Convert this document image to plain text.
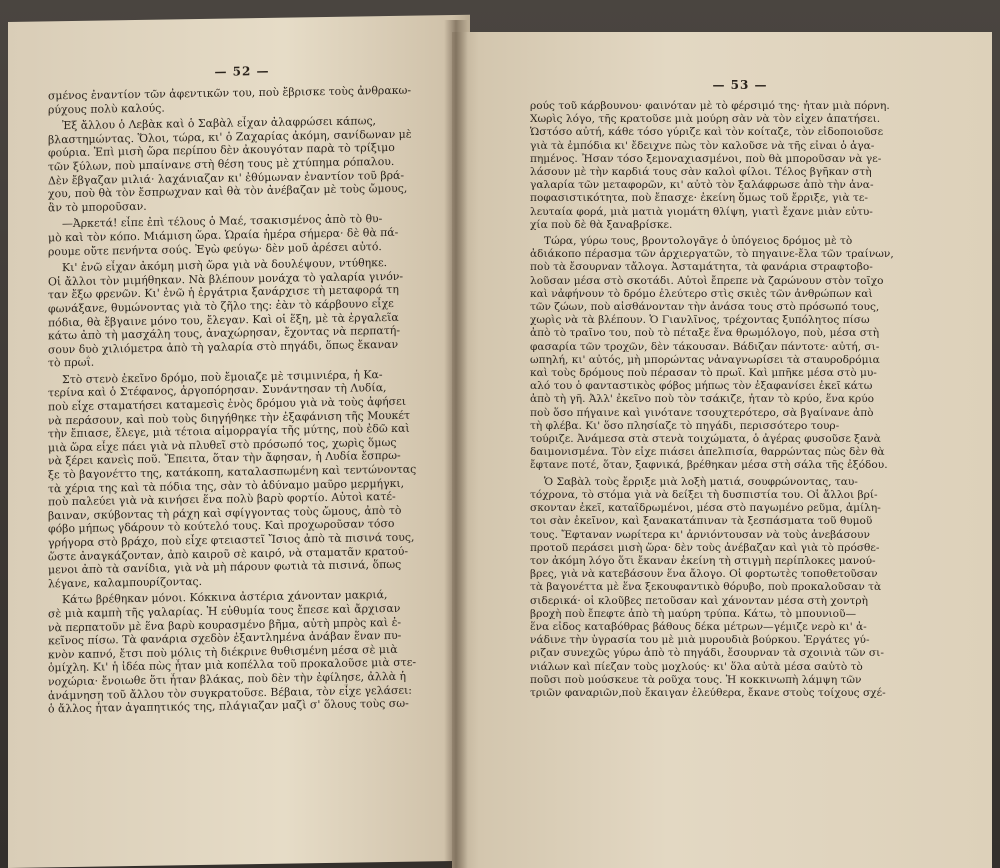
— 52 —
σμένος ἐναντίον τῶν ἀφεντικῶν του, ποὺ ἔβρισκε τοὺς ἀνθρακω-
ρύχους πολὺ καλούς.
Ἐξ ἄλλου ὁ Λεβὰκ καὶ ὁ Σαβὰλ εἶχαν ἀλαφρώσει κάπως,
βλαστημώντας. Ὅλοι, τώρα, κι' ὁ Ζαχαρίας ἀκόμη, σανίδωναν μὲ
φούρια. Ἐπὶ μισὴ ὥρα περίπου δὲν ἀκουγόταν παρὰ τὸ τρίξιμο
τῶν ξύλων, ποὺ μπαίνανε στὴ θέση τους μὲ χτύπημα ρόπαλου.
Δὲν ἔβγαζαν μιλιά· λαχάνιαζαν κι' ἐθύμωναν ἐναντίον τοῦ βρά-
χου, ποὺ θὰ τὸν ἔσπρωχναν καὶ θὰ τὸν ἀνέβαζαν μὲ τοὺς ὤμους,
ἂν τὸ μποροῦσαν.
—Ἀρκετά! εἶπε ἐπὶ τέλους ὁ Μαέ, τσακισμένος ἀπὸ τὸ θυ-
μὸ καὶ τὸν κόπο. Μιάμιση ὥρα. Ὡραία ἡμέρα σήμερα· δὲ θὰ πά-
ρουμε οὔτε πενήντα σούς. Ἐγὼ φεύγω· δὲν μοῦ ἀρέσει αὐτό.
Κι' ἐνῶ εἶχαν ἀκόμη μισὴ ὥρα γιὰ νὰ δουλέψουν, ντύθηκε.
Οἱ ἄλλοι τὸν μιμήθηκαν. Νὰ βλέπουν μονάχα τὸ γαλαρία γινόν-
ταν ἔξω φρενῶν. Κι' ἐνῶ ἡ ἐργάτρια ξανάρχισε τὴ μεταφορά τη
φωνάξανε, θυμώνοντας γιὰ τὸ ζῆλο της: ἐὰν τὸ κάρβουνο εἶχε
πόδια, θὰ ἔβγαινε μόνο του, ἔλεγαν. Καὶ οἱ ἕξη, μὲ τὰ ἐργαλεῖα
κάτω ἀπὸ τὴ μασχάλη τους, ἀναχώρησαν, ἔχοντας νὰ περπατή-
σουν δυὸ χιλιόμετρα ἀπὸ τὴ γαλαρία στὸ πηγάδι, ὅπως ἔκαναν
τὸ πρωΐ.
Στὸ στενὸ ἐκεῖνο δρόμο, ποὺ ἔμοιαζε μὲ τσιμινιέρα, ἡ Κα-
τερίνα καὶ ὁ Στέφανος, ἀργοπόρησαν. Συνάντησαν τὴ Λυδία,
ποὺ εἶχε σταματήσει καταμεσὶς ἑνὸς δρόμου γιὰ νὰ τοὺς ἀφήσει
νὰ περάσουν, καὶ ποὺ τοὺς διηγήθηκε τὴν ἐξαφάνιση τῆς Μουκέτ
τὴν ἔπιασε, ἔλεγε, μιὰ τέτοια αἱμορραγία τῆς μύτης, ποὺ ἐδῶ καὶ
μιὰ ὥρα εἶχε πάει γιὰ νὰ πλυθεῖ στὸ πρόσωπό τος, χωρὶς ὅμως
νὰ ξέρει κανεὶς ποῦ. Ἔπειτα, ὅταν τὴν ἄφησαν, ἡ Λυδία ἔσπρω-
ξε τὸ βαγονέττο της, κατάκοπη, καταλασπωμένη καὶ τεντώνοντας
τὰ χέρια της καὶ τὰ πόδια της, σὰν τὸ ἀδύναμο μαῦρο μερμήγκι,
ποὺ παλεύει γιὰ νὰ κινήσει ἕνα πολὺ βαρὺ φορτίο. Αὐτοὶ κατέ-
βαιναν, σκύβοντας τὴ ράχη καὶ σφίγγοντας τοὺς ὤμους, ἀπὸ τὸ
φόβο μήπως γδάρουν τὸ κούτελό τους. Καὶ προχωροῦσαν τόσο
γρήγορα στὸ βράχο, ποὺ εἶχε φτειαστεῖ Ἴσιος ἀπὸ τὰ πισινά τους,
ὥστε ἀναγκάζονταν, ἀπὸ καιροῦ σὲ καιρό, νὰ σταματᾶν κρατού-
μενοι ἀπὸ τὰ σανίδια, γιὰ νὰ μὴ πάρουν φωτιὰ τὰ πισινά, ὅπως
λέγανε, καλαμπουρίζοντας.
Κάτω βρέθηκαν μόνοι. Κόκκινα ἀστέρια χάνονταν μακριά,
σὲ μιὰ καμπὴ τῆς γαλαρίας. Ἡ εὐθυμία τους ἔπεσε καὶ ἄρχισαν
νὰ περπατοῦν μὲ ἕνα βαρὺ κουρασμένο βῆμα, αὐτὴ μπρὸς καὶ ἐ-
κεῖνος πίσω. Τὰ φανάρια σχεδὸν ἐξαντλημένα ἀνάβαν ἕναν πυ-
κνὸν καπνό, ἔτσι ποὺ μόλις τὴ διέκρινε θυθισμένη μέσα σὲ μιὰ
ὁμίχλη. Κι' ἡ ἰδέα πὼς ἦταν μιὰ κοπέλλα τοῦ προκαλοῦσε μιὰ στε-
νοχώρια· ἔνοιωθε ὅτι ἦταν βλάκας, ποὺ δὲν τὴν ἐφίλησε, ἀλλὰ ἡ
ἀνάμνηση τοῦ ἄλλου τὸν συγκρατοῦσε. Βέβαια, τὸν εἶχε γελάσει:
ὁ ἄλλος ἦταν ἀγαπητικός της, πλάγιαζαν μαζὶ σ' ὅλους τοὺς σω-
— 53 —
ρούς τοῦ κάρβουνου· φαινόταν μὲ τὸ φέρσιμό της· ἦταν μιὰ πόρνη.
Χωρὶς λόγο, τῆς κρατοῦσε μιὰ μούρη σὰν νὰ τὸν εἶχεν ἀπατήσει.
Ὡστόσο αὐτή, κάθε τόσο γύριζε καὶ τὸν κοίταζε, τὸν εἰδοποιοῦσε
γιὰ τὰ ἐμπόδια κι' ἔδειχνε πὼς τὸν καλοῦσε νὰ τῆς εἶναι ὁ ἀγα-
πημένος. Ἦσαν τόσο ξεμοναχιασμένοι, ποὺ θὰ μποροῦσαν νὰ γε-
λάσουν μὲ τὴν καρδιά τους σὰν καλοὶ φίλοι. Τέλος βγῆκαν στὴ
γαλαρία τῶν μεταφορῶν, κι' αὐτὸ τὸν ξαλάφρωσε ἀπὸ τὴν ἀνα-
ποφασιστικότητα, ποὺ ἔπασχε· ἐκείνη ὅμως τοῦ ἔρριξε, γιὰ τε-
λευταία φορά, μιὰ ματιὰ γιομάτη θλίψη, γιατὶ ἔχανε μιὰν εὐτυ-
χία ποὺ δὲ θὰ ξαναβρίσκε.
Τώρα, γύρω τους, βροντολογᾶγε ὁ ὑπόγειος δρόμος μὲ τὸ
ἀδιάκοπο πέρασμα τῶν ἀρχιεργατῶν, τὸ πηγαινε-ἔλα τῶν τραίνων,
ποὺ τὰ ἔσουρναν τἄλογα. Ἀσταμάτητα, τὰ φανάρια στραφτοβο-
λοῦσαν μέσα στὸ σκοτάδι. Αὐτοὶ ἔπρεπε νὰ ζαρώνουν στὸν τοῖχο
καὶ νἀφήνουν τὸ δρόμο ἐλεύτερο στὶς σκιὲς τῶν ἀνθρώπων καὶ
τῶν ζώων, ποὺ αἰσθάνονταν τὴν ἀνάσα τους στὸ πρόσωπό τους,
χωρὶς νὰ τὰ βλέπουν. Ὁ Γιανλῖνος, τρέχοντας ξυπόλητος πίσω
ἀπὸ τὸ τραῖνο του, ποὺ τὸ πέταξε ἕνα θρωμόλογο, ποὺ, μέσα στὴ
φασαρία τῶν τροχῶν, δὲν τάκουσαν. Βάδιζαν πάντοτε· αὐτή, σι-
ωπηλή, κι' αὐτός, μὴ μπορώντας νἀναγνωρίσει τὰ σταυροδρόμια
καὶ τοὺς δρόμους ποὺ πέρασαν τὸ πρωΐ. Καὶ μπῆκε μέσα στὸ μυ-
αλό του ὁ φανταστικὸς φόβος μήπως τὸν ἐξαφανίσει ἐκεῖ κάτω
ἀπὸ τὴ γῆ. Ἀλλ' ἐκεῖνο ποὺ τὸν τσάκιζε, ἦταν τὸ κρύο, ἕνα κρύο
ποὺ ὅσο πήγαινε καὶ γινότανε τσουχτερότερο, σὰ βγαίνανε ἀπὸ
τὴ φλέβα. Κι' ὅσο πλησίαζε τὸ πηγάδι, περισσότερο τουρ-
τούριζε. Ἀνάμεσα στὰ στενὰ τοιχώματα, ὁ ἀγέρας φυσοῦσε ξανὰ
δαιμονισμένα. Τὸν εἶχε πιάσει ἀπελπισία, θαρρώντας πὼς δὲν θὰ
ἔφτανε ποτέ, ὅταν, ξαφνικά, βρέθηκαν μέσα στὴ σάλα τῆς ἐξόδου.
Ὁ Σαβὰλ τοὺς ἔρριξε μιὰ λοξὴ ματιά, σουφρώνοντας, ταυ-
τόχρονα, τὸ στόμα γιὰ νὰ δείξει τὴ δυσπιστία του. Οἱ ἄλλοι βρί-
σκονταν ἐκεῖ, καταΐδρωμένοι, μέσα στὸ παγωμένο ρεῦμα, ἀμίλη-
τοι σὰν ἐκεῖνον, καὶ ξανακατάπιναν τὰ ξεσπάσματα τοῦ θυμοῦ
τους. Ἔφταναν νωρίτερα κι' ἀρνιόντουσαν νὰ τοὺς ἀνεβάσουν
προτοῦ περάσει μισὴ ὥρα· δὲν τοὺς ἀνέβαζαν καὶ γιὰ τὸ πρόσθε-
τον ἀκόμη λόγο ὅτι ἔκαναν ἐκείνη τὴ στιγμὴ περίπλοκες μανού-
βρες, γιὰ νὰ κατεβάσουν ἕνα ἄλογο. Οἱ φορτωτὲς τοποθετοῦσαν
τὰ βαγονέττα μὲ ἕνα ξεκουφαντικὸ θόρυβο, ποὺ προκαλοῦσαν τὰ
σιδερικά· οἱ κλοῦβες πετοῦσαν καὶ χάνονταν μέσα στὴ χοντρὴ
βροχὴ ποὺ ἔπεφτε ἀπὸ τὴ μαύρη τρύπα. Κάτω, τὸ μπουνιοῦ—
ἕνα εἶδος καταβόθρας βάθους δέκα μέτρων—γέμιζε νερὸ κι' ἀ-
νάδινε τὴν ὑγρασία του μὲ μιὰ μυρουδιὰ βούρκου. Ἐργάτες γύ-
ριζαν συνεχῶς γύρω ἀπὸ τὸ πηγάδι, ἔσουρναν τὰ σχοινιὰ τῶν σι-
νιάλων καὶ πίεζαν τοὺς μοχλούς· κι' ὅλα αὐτὰ μέσα σαὐτὸ τὸ
ποῦσι ποὺ μούσκευε τὰ ροῦχα τους. Ἡ κοκκινωπὴ λάμψη τῶν
τριῶν φαναριῶν,ποὺ ἔκαιγαν ἐλεύθερα, ἔκανε στοὺς τοίχους σχέ-
